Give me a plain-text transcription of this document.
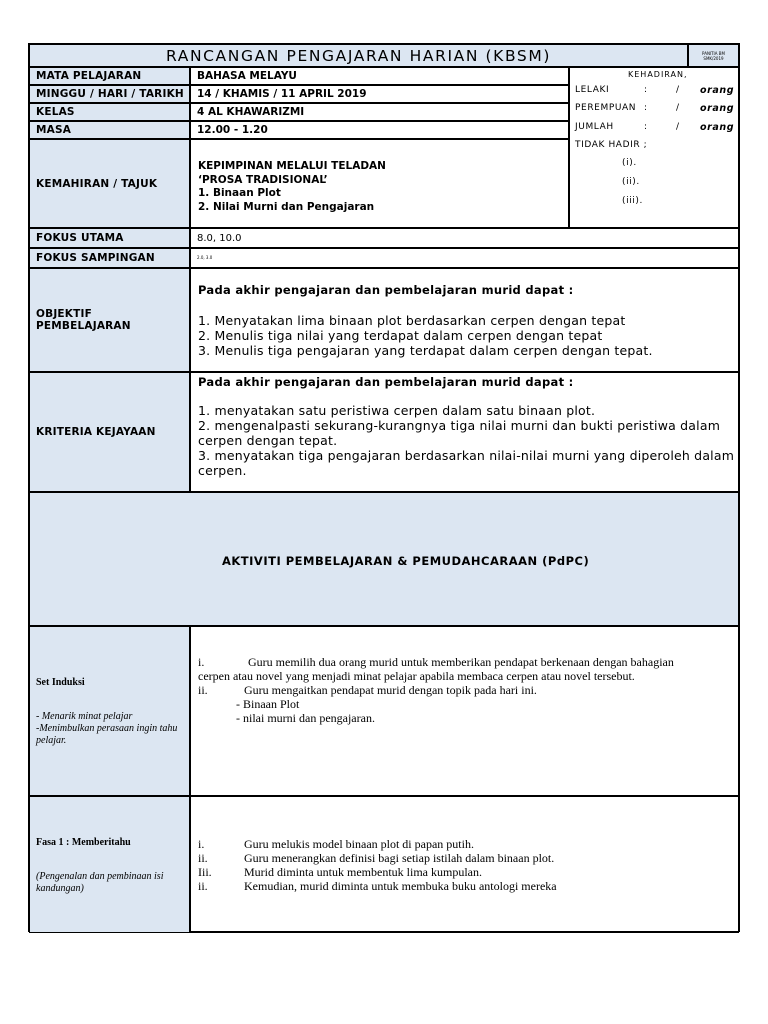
RANCANGAN PENGAJARAN HARIAN (KBSM)	PANITIA BM
SMK/2019
MATA PELAJARAN	BAHASA MELAYU
MINGGU / HARI / TARIKH 14 / KHAMIS / 11 APRIL 2019
KELAS	4 AL KHAWARIZMI
MASA	12.00 - 1.20
KEMAHIRAN / TAJUK
KEPIMPINAN MELALUI TELADAN
‘PROSA TRADISIONAL’
1. Binaan Plot
2. Nilai Murni dan Pengajaran
KEHADIRAN,
LELAKI	:	/ orang
PEREMPUAN :	/ orang
JUMLAH	:	/ orang
TIDAK HADIR ;
(i).
(ii).
(iii).
FOKUS UTAMA	8.0, 10.0
FOKUS SAMPINGAN	2.0, 3.0
OBJEKTIF PEMBELAJARAN
Pada akhir pengajaran dan pembelajaran murid dapat :
1. Menyatakan lima binaan plot berdasarkan cerpen dengan tepat
2. Menulis tiga nilai yang terdapat dalam cerpen dengan tepat
3. Menulis tiga pengajaran yang terdapat dalam cerpen dengan tepat.
KRITERIA KEJAYAAN
Pada akhir pengajaran dan pembelajaran murid dapat :
1. menyatakan satu peristiwa cerpen dalam satu binaan plot.
2. mengenalpasti sekurang-kurangnya tiga nilai murni dan bukti peristiwa dalam
cerpen dengan tepat.
3. menyatakan tiga pengajaran berdasarkan nilai-nilai murni yang diperoleh dalam
cerpen.
AKTIVITI PEMBELAJARAN & PEMUDAHCARAAN (PdPC)
Set Induksi
- Menarik minat pelajar
-Menimbulkan perasaan ingin tahu
pelajar.
i.	Guru memilih dua orang murid untuk memberikan pendapat berkenaan dengan bahagian
cerpen atau novel yang menjadi minat pelajar apabila membaca cerpen atau novel tersebut.
ii.	Guru mengaitkan pendapat murid dengan topik pada hari ini.
- Binaan Plot
- nilai murni dan pengajaran.
Fasa 1 : Memberitahu
(Pengenalan dan pembinaan isi
kandungan)
i.	Guru melukis model binaan plot di papan putih.
ii.	Guru menerangkan definisi bagi setiap istilah dalam binaan plot.
Iii.	Murid diminta untuk membentuk lima kumpulan.
ii.	Kemudian, murid diminta untuk membuka buku antologi mereka
